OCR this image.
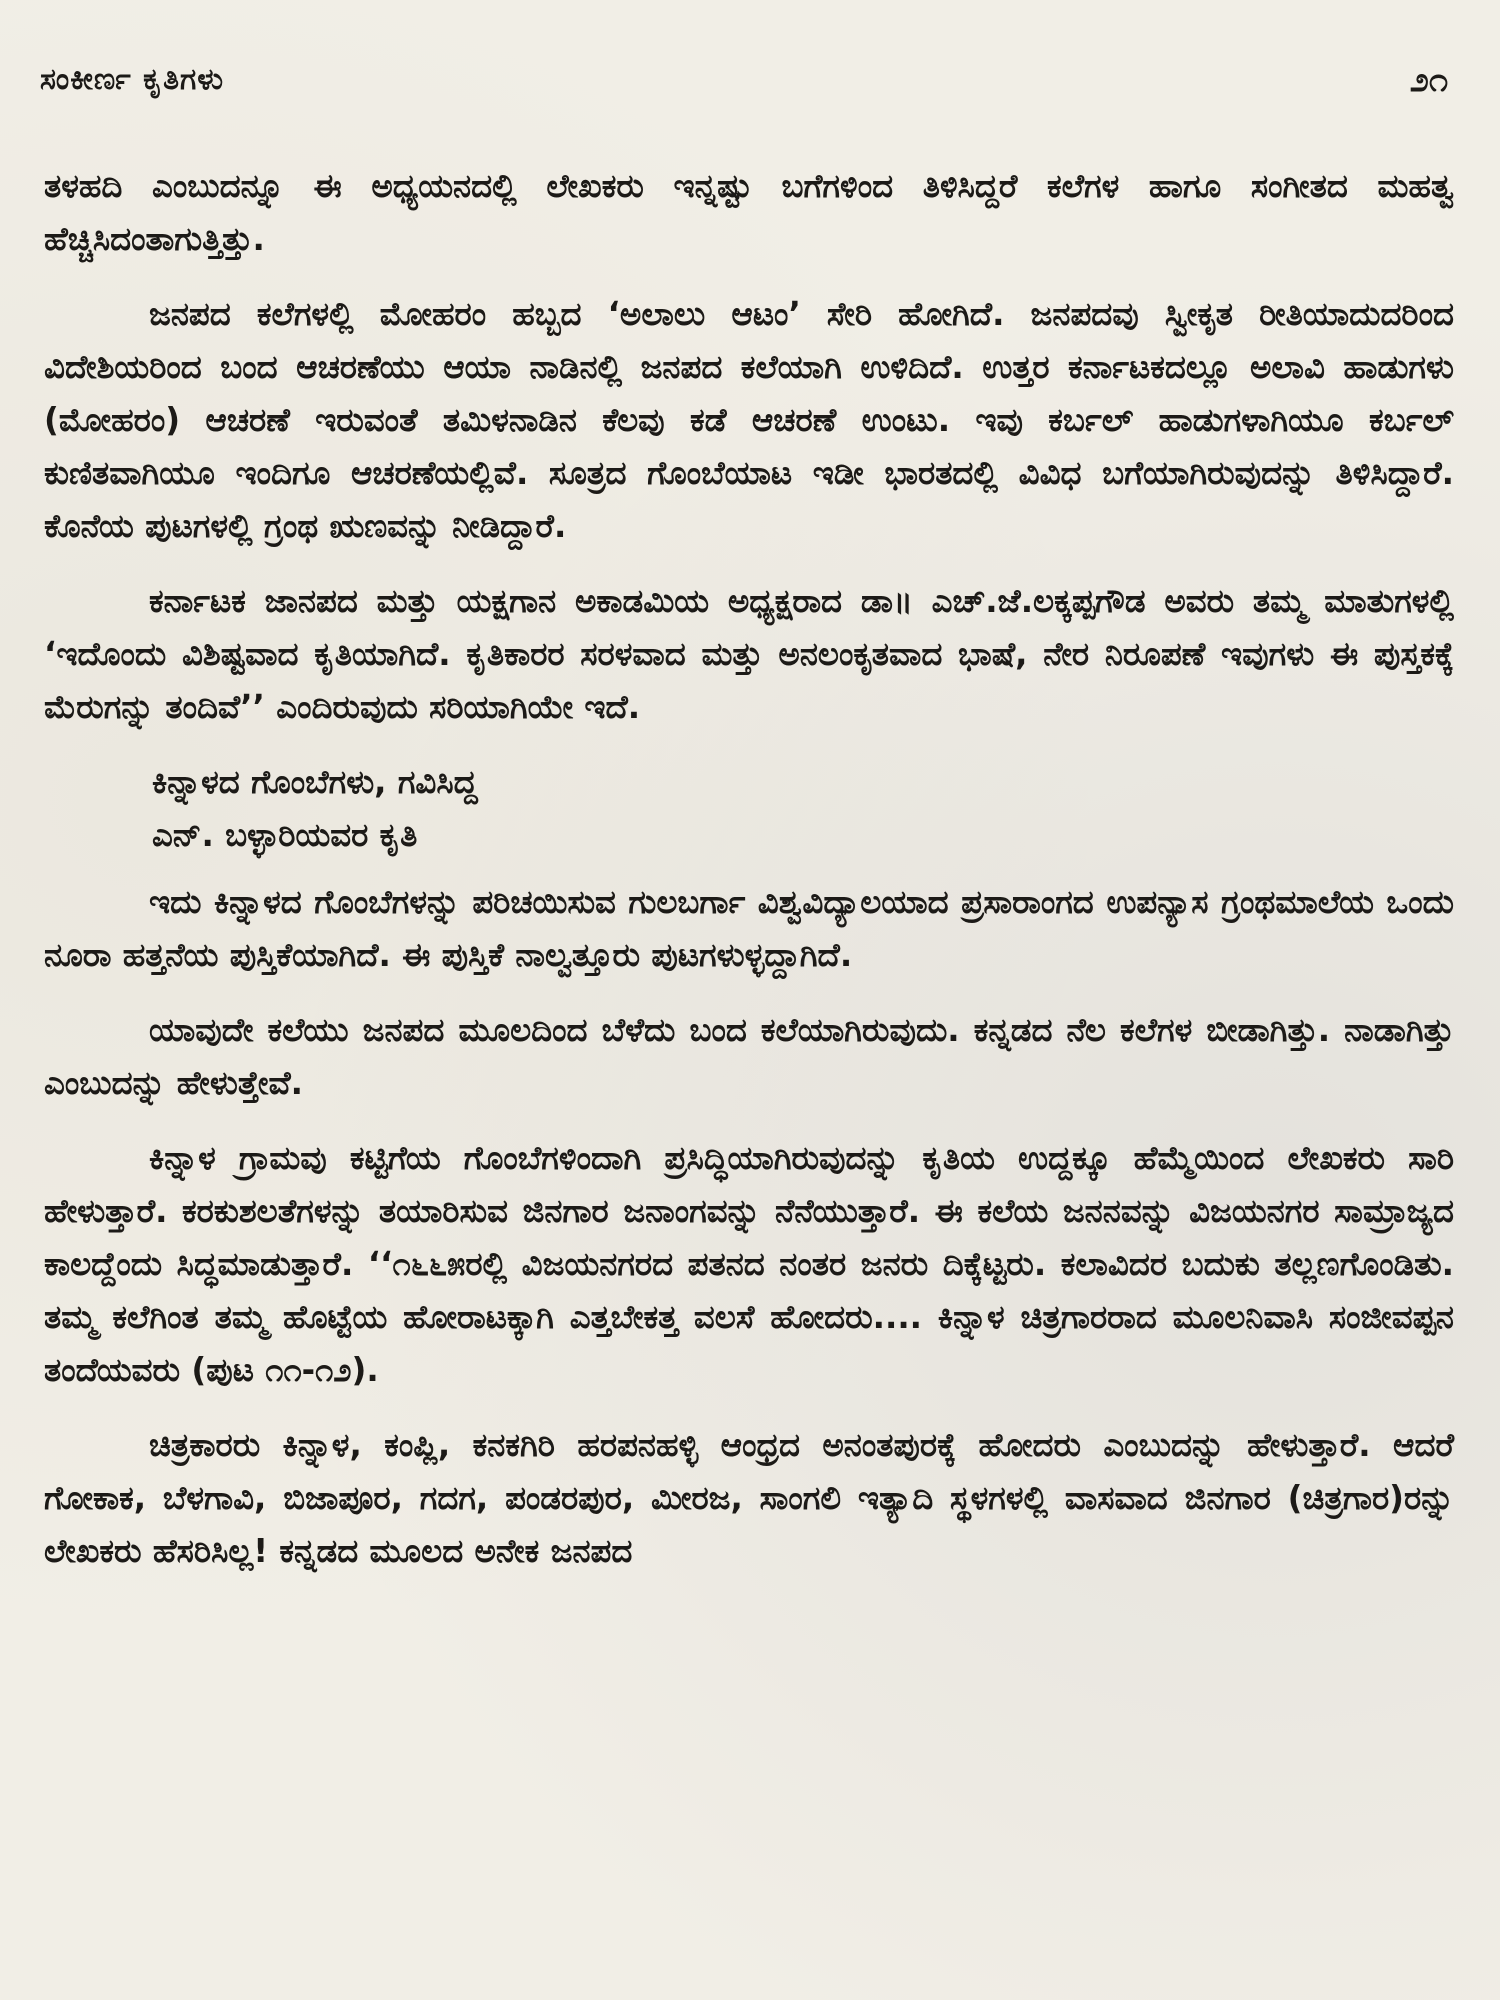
ಸಂಕೀರ್ಣ ಕೃತಿಗಳು	೨೧

ತಳಹದಿ ಎಂಬುದನ್ನೂ ಈ ಅಧ್ಯಯನದಲ್ಲಿ ಲೇಖಕರು ಇನ್ನಷ್ಟು ಬಗೆಗಳಿಂದ ತಿಳಿಸಿದ್ದರೆ ಕಲೆಗಳ ಹಾಗೂ ಸಂಗೀತದ ಮಹತ್ವ ಹೆಚ್ಚಿಸಿದಂತಾಗುತ್ತಿತ್ತು.

ಜನಪದ ಕಲೆಗಳಲ್ಲಿ ಮೋಹರಂ ಹಬ್ಬದ ‘ಅಲಾಲು ಆಟಂ’ ಸೇರಿ ಹೋಗಿದೆ. ಜನಪದವು ಸ್ವೀಕೃತ ರೀತಿಯಾದುದರಿಂದ ವಿದೇಶಿಯರಿಂದ ಬಂದ ಆಚರಣೆಯು ಆಯಾ ನಾಡಿನಲ್ಲಿ ಜನಪದ ಕಲೆಯಾಗಿ ಉಳಿದಿದೆ. ಉತ್ತರ ಕರ್ನಾಟಕದಲ್ಲೂ ಅಲಾವಿ ಹಾಡುಗಳು (ಮೋಹರಂ) ಆಚರಣೆ ಇರುವಂತೆ ತಮಿಳನಾಡಿನ ಕೆಲವು ಕಡೆ ಆಚರಣೆ ಉಂಟು. ಇವು ಕರ್ಬಲ್ ಹಾಡುಗಳಾಗಿಯೂ ಕರ್ಬಲ್ ಕುಣಿತವಾಗಿಯೂ ಇಂದಿಗೂ ಆಚರಣೆಯಲ್ಲಿವೆ. ಸೂತ್ರದ ಗೊಂಬೆಯಾಟ ಇಡೀ ಭಾರತದಲ್ಲಿ ವಿವಿಧ ಬಗೆಯಾಗಿರುವುದನ್ನು ತಿಳಿಸಿದ್ದಾರೆ. ಕೊನೆಯ ಪುಟಗಳಲ್ಲಿ ಗ್ರಂಥ ಋಣವನ್ನು ನೀಡಿದ್ದಾರೆ.

ಕರ್ನಾಟಕ ಜಾನಪದ ಮತ್ತು ಯಕ್ಷಗಾನ ಅಕಾಡಮಿಯ ಅಧ್ಯಕ್ಷರಾದ ಡಾ॥ ಎಚ್.ಜೆ.ಲಕ್ಕಪ್ಪಗೌಡ ಅವರು ತಮ್ಮ ಮಾತುಗಳಲ್ಲಿ ‘ಇದೊಂದು ವಿಶಿಷ್ಟವಾದ ಕೃತಿಯಾಗಿದೆ. ಕೃತಿಕಾರರ ಸರಳವಾದ ಮತ್ತು ಅನಲಂಕೃತವಾದ ಭಾಷೆ, ನೇರ ನಿರೂಪಣೆ ಇವುಗಳು ಈ ಪುಸ್ತಕಕ್ಕೆ ಮೆರುಗನ್ನು ತಂದಿವೆ’’ ಎಂದಿರುವುದು ಸರಿಯಾಗಿಯೇ ಇದೆ.

ಕಿನ್ನಾಳದ ಗೊಂಬೆಗಳು, ಗವಿಸಿದ್ದ

ಎನ್. ಬಳ್ಳಾರಿಯವರ ಕೃತಿ

ಇದು ಕಿನ್ನಾಳದ ಗೊಂಬೆಗಳನ್ನು ಪರಿಚಯಿಸುವ ಗುಲಬರ್ಗಾ ವಿಶ್ವವಿದ್ಯಾಲಯಾದ ಪ್ರಸಾರಾಂಗದ ಉಪನ್ಯಾಸ ಗ್ರಂಥಮಾಲೆಯ ಒಂದು ನೂರಾ ಹತ್ತನೆಯ ಪುಸ್ತಿಕೆಯಾಗಿದೆ. ಈ ಪುಸ್ತಿಕೆ ನಾಲ್ವತ್ತೂರು ಪುಟಗಳುಳ್ಳದ್ದಾಗಿದೆ.

ಯಾವುದೇ ಕಲೆಯು ಜನಪದ ಮೂಲದಿಂದ ಬೆಳೆದು ಬಂದ ಕಲೆಯಾಗಿರುವುದು. ಕನ್ನಡದ ನೆಲ ಕಲೆಗಳ ಬೀಡಾಗಿತ್ತು. ನಾಡಾಗಿತ್ತು ಎಂಬುದನ್ನು ಹೇಳುತ್ತೇವೆ.

ಕಿನ್ನಾಳ ಗ್ರಾಮವು ಕಟ್ಟಿಗೆಯ ಗೊಂಬೆಗಳಿಂದಾಗಿ ಪ್ರಸಿದ್ಧಿಯಾಗಿರುವುದನ್ನು ಕೃತಿಯ ಉದ್ದಕ್ಕೂ ಹೆಮ್ಮೆಯಿಂದ ಲೇಖಕರು ಸಾರಿ ಹೇಳುತ್ತಾರೆ. ಕರಕುಶಲತೆಗಳನ್ನು ತಯಾರಿಸುವ ಜಿನಗಾರ ಜನಾಂಗವನ್ನು ನೆನೆಯುತ್ತಾರೆ. ಈ ಕಲೆಯ ಜನನವನ್ನು ವಿಜಯನಗರ ಸಾಮ್ರಾಜ್ಯದ ಕಾಲದ್ದೆಂದು ಸಿದ್ಧಮಾಡುತ್ತಾರೆ. ‘‘೧೬೬೫ರಲ್ಲಿ ವಿಜಯನಗರದ ಪತನದ ನಂತರ ಜನರು ದಿಕ್ಕೆಟ್ಟರು. ಕಲಾವಿದರ ಬದುಕು ತಲ್ಲಣಗೊಂಡಿತು. ತಮ್ಮ ಕಲೆಗಿಂತ ತಮ್ಮ ಹೊಟ್ಟೆಯ ಹೋರಾಟಕ್ಕಾಗಿ ಎತ್ತಬೇಕತ್ತ ವಲಸೆ ಹೋದರು.... ಕಿನ್ನಾಳ ಚಿತ್ರಗಾರರಾದ ಮೂಲನಿವಾಸಿ ಸಂಜೀವಪ್ಪನ ತಂದೆಯವರು (ಪುಟ ೧೧-೧೨).

ಚಿತ್ರಕಾರರು ಕಿನ್ನಾಳ, ಕಂಪ್ಲಿ, ಕನಕಗಿರಿ ಹರಪನಹಳ್ಳಿ ಆಂಧ್ರದ ಅನಂತಪುರಕ್ಕೆ ಹೋದರು ಎಂಬುದನ್ನು ಹೇಳುತ್ತಾರೆ. ಆದರೆ ಗೋಕಾಕ, ಬೆಳಗಾವಿ, ಬಿಜಾಪೂರ, ಗದಗ, ಪಂಡರಪುರ, ಮೀರಜ, ಸಾಂಗಲಿ ಇತ್ಯಾದಿ ಸ್ಥಳಗಳಲ್ಲಿ ವಾಸವಾದ ಜಿನಗಾರ (ಚಿತ್ರಗಾರ)ರನ್ನು ಲೇಖಕರು ಹೆಸರಿಸಿಲ್ಲ! ಕನ್ನಡದ ಮೂಲದ ಅನೇಕ ಜನಪದ
